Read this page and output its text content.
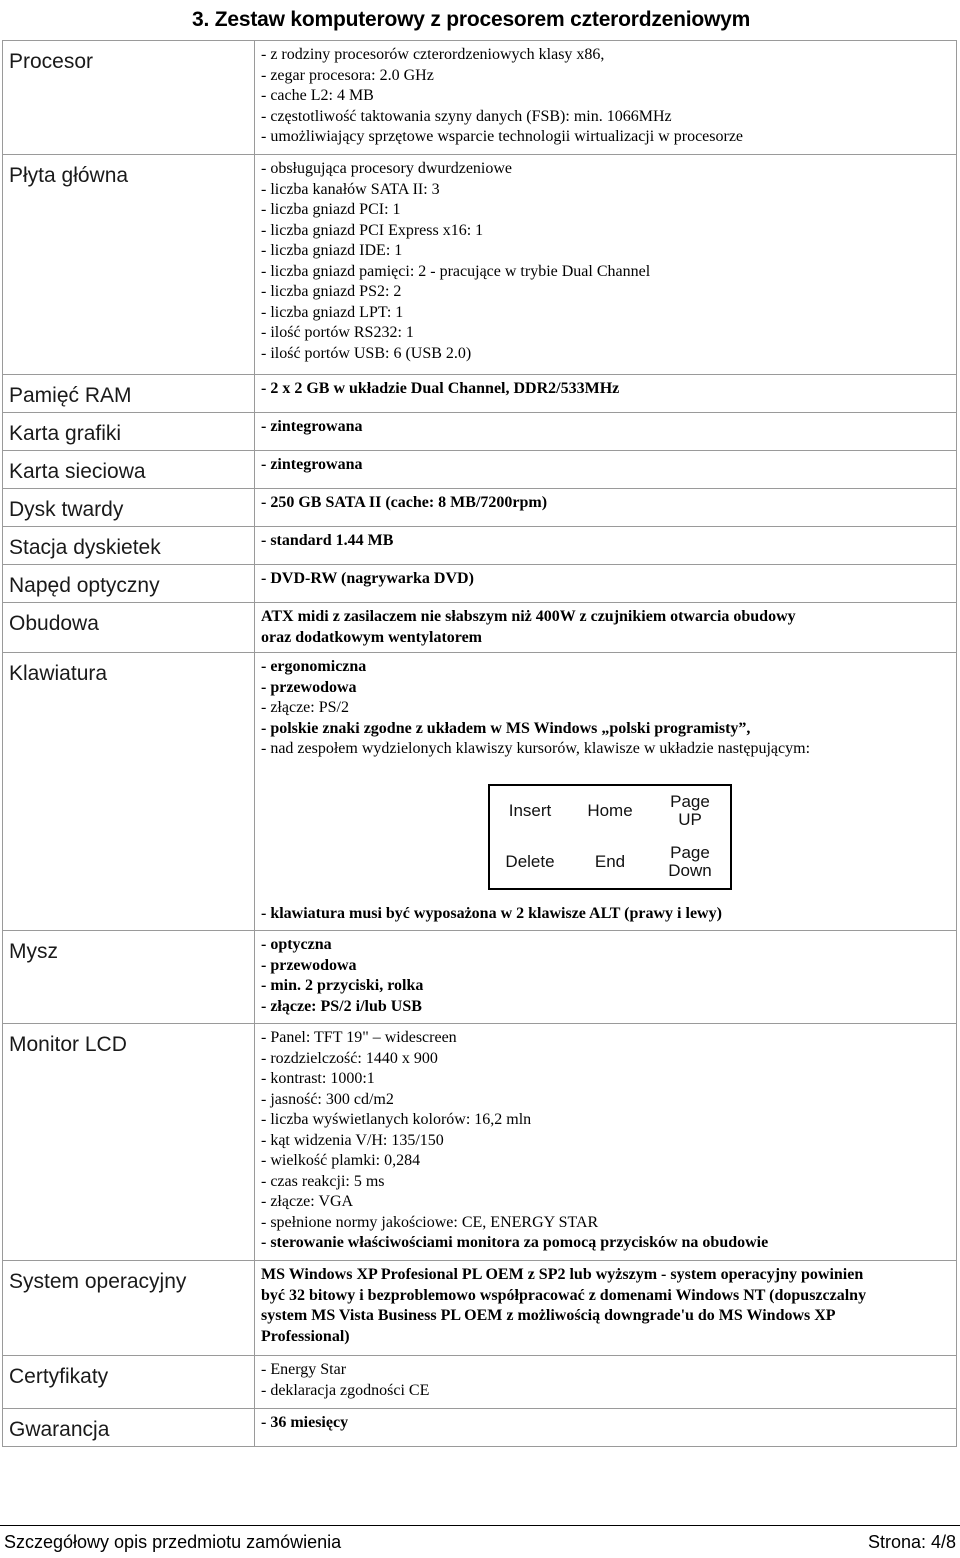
3. Zestaw komputerowy z procesorem czterordzeniowym
Procesor	- z rodziny procesorów czterordzeniowych klasy x86,
- zegar procesora: 2.0 GHz
- cache L2: 4 MB
- częstotliwość taktowania szyny danych (FSB): min. 1066MHz
- umożliwiający sprzętowe wsparcie technologii wirtualizacji w procesorze

Płyta główna	- obsługująca procesory dwurdzeniowe
- liczba kanałów SATA II: 3
- liczba gniazd PCI: 1
- liczba gniazd PCI Express x16: 1
- liczba gniazd IDE: 1
- liczba gniazd pamięci: 2 - pracujące w trybie Dual Channel
- liczba gniazd PS2: 2
- liczba gniazd LPT: 1
- ilość portów RS232: 1
- ilość portów USB: 6 (USB 2.0)

Pamięć RAM	- 2 x 2 GB w układzie Dual Channel, DDR2/533MHz

Karta grafiki	- zintegrowana

Karta sieciowa	- zintegrowana

Dysk twardy	- 250 GB SATA II (cache: 8 MB/7200rpm)

Stacja dyskietek	- standard 1.44 MB

Napęd optyczny	- DVD-RW (nagrywarka DVD)

Obudowa	ATX midi z zasilaczem nie słabszym niż 400W z czujnikiem otwarcia obudowy
oraz dodatkowym wentylatorem

Klawiatura	- ergonomiczna
- przewodowa
- złącze: PS/2
- polskie znaki zgodne z układem w MS Windows „polski programisty”,
- nad zespołem wydzielonych klawiszy kursorów, klawisze w układzie następującym:
Insert	Home	Page
UP
Delete	End	Page
Down
- klawiatura musi być wyposażona w 2 klawisze ALT (prawy i lewy)

Mysz	- optyczna
- przewodowa
- min. 2 przyciski, rolka
- złącze: PS/2 i/lub USB

Monitor LCD	- Panel: TFT 19" – widescreen
- rozdzielczość: 1440 x 900
- kontrast: 1000:1
- jasność: 300 cd/m2
- liczba wyświetlanych kolorów: 16,2 mln
- kąt widzenia V/H: 135/150
- wielkość plamki: 0,284
- czas reakcji: 5 ms
- złącze: VGA
- spełnione normy jakościowe: CE, ENERGY STAR
- sterowanie właściwościami monitora za pomocą przycisków na obudowie

System operacyjny	MS Windows XP Profesional PL OEM z SP2 lub wyższym - system operacyjny powinien
być 32 bitowy i bezproblemowo współpracować z domenami Windows NT (dopuszczalny
system MS Vista Business PL OEM z możliwością downgrade'u do MS Windows XP
Professional)

Certyfikaty	- Energy Star
- deklaracja zgodności CE

Gwarancja	- 36 miesięcy
Szczegółowy opis przedmiotu zamówienia	Strona: 4/8
